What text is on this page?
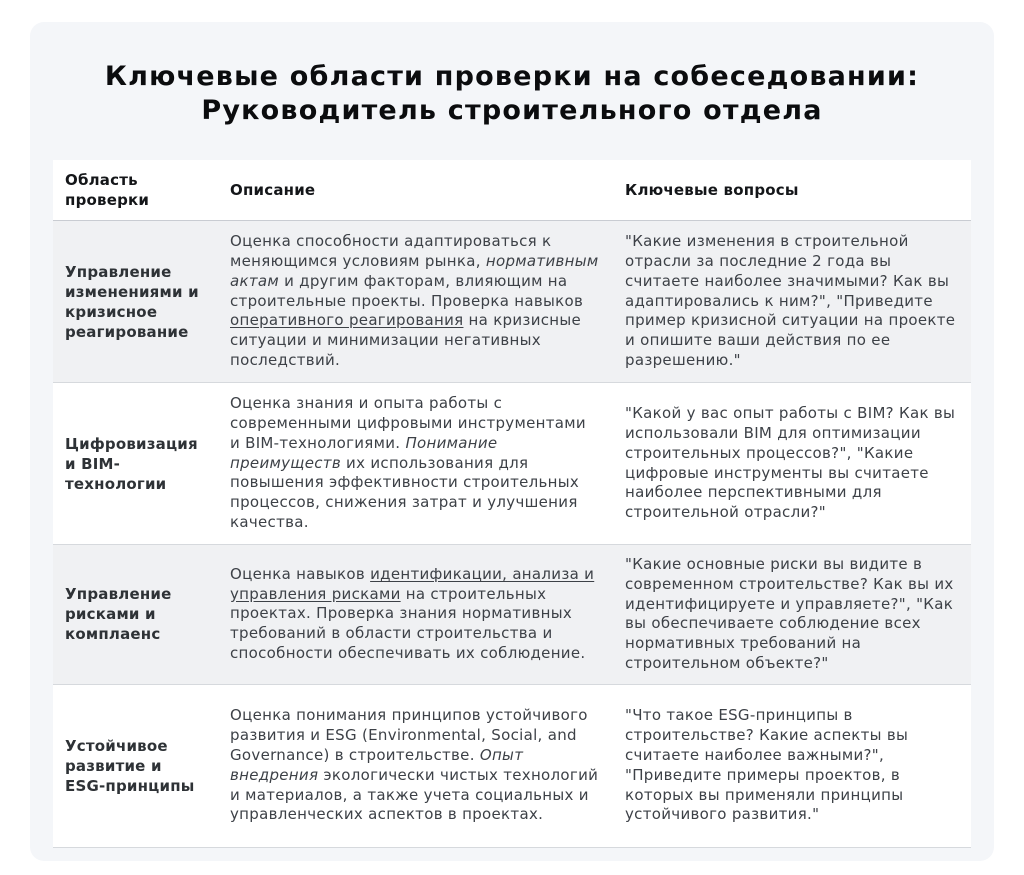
Ключевые области проверки на собеседовании:
Руководитель строительного отдела
Область проверки
Описание	Ключевые вопросы
Управление изменениями и кризисное реагирование
Оценка способности адаптироваться к меняющимся условиям рынка, нормативным актам и другим факторам, влияющим на строительные проекты. Проверка навыков оперативного реагирования на кризисные ситуации и минимизации негативных последствий.
"Какие изменения в строительной отрасли за последние 2 года вы считаете наиболее значимыми? Как вы адаптировались к ним?", "Приведите пример кризисной ситуации на проекте и опишите ваши действия по ее разрешению."
Цифровизация и BIM-технологии
Оценка знания и опыта работы с современными цифровыми инструментами и BIM-технологиями. Понимание преимуществ их использования для повышения эффективности строительных процессов, снижения затрат и улучшения качества.
"Какой у вас опыт работы с BIM? Как вы использовали BIM для оптимизации строительных процессов?", "Какие цифровые инструменты вы считаете наиболее перспективными для строительной отрасли?"
Управление рисками и комплаенс
Оценка навыков идентификации, анализа и управления рисками на строительных проектах. Проверка знания нормативных требований в области строительства и способности обеспечивать их соблюдение.
"Какие основные риски вы видите в современном строительстве? Как вы их идентифицируете и управляете?", "Как вы обеспечиваете соблюдение всех нормативных требований на строительном объекте?"
Устойчивое развитие и ESG-принципы
Оценка понимания принципов устойчивого развития и ESG (Environmental, Social, and Governance) в строительстве. Опыт внедрения экологически чистых технологий и материалов, а также учета социальных и управленческих аспектов в проектах.
"Что такое ESG-принципы в строительстве? Какие аспекты вы считаете наиболее важными?", "Приведите примеры проектов, в которых вы применяли принципы устойчивого развития."
